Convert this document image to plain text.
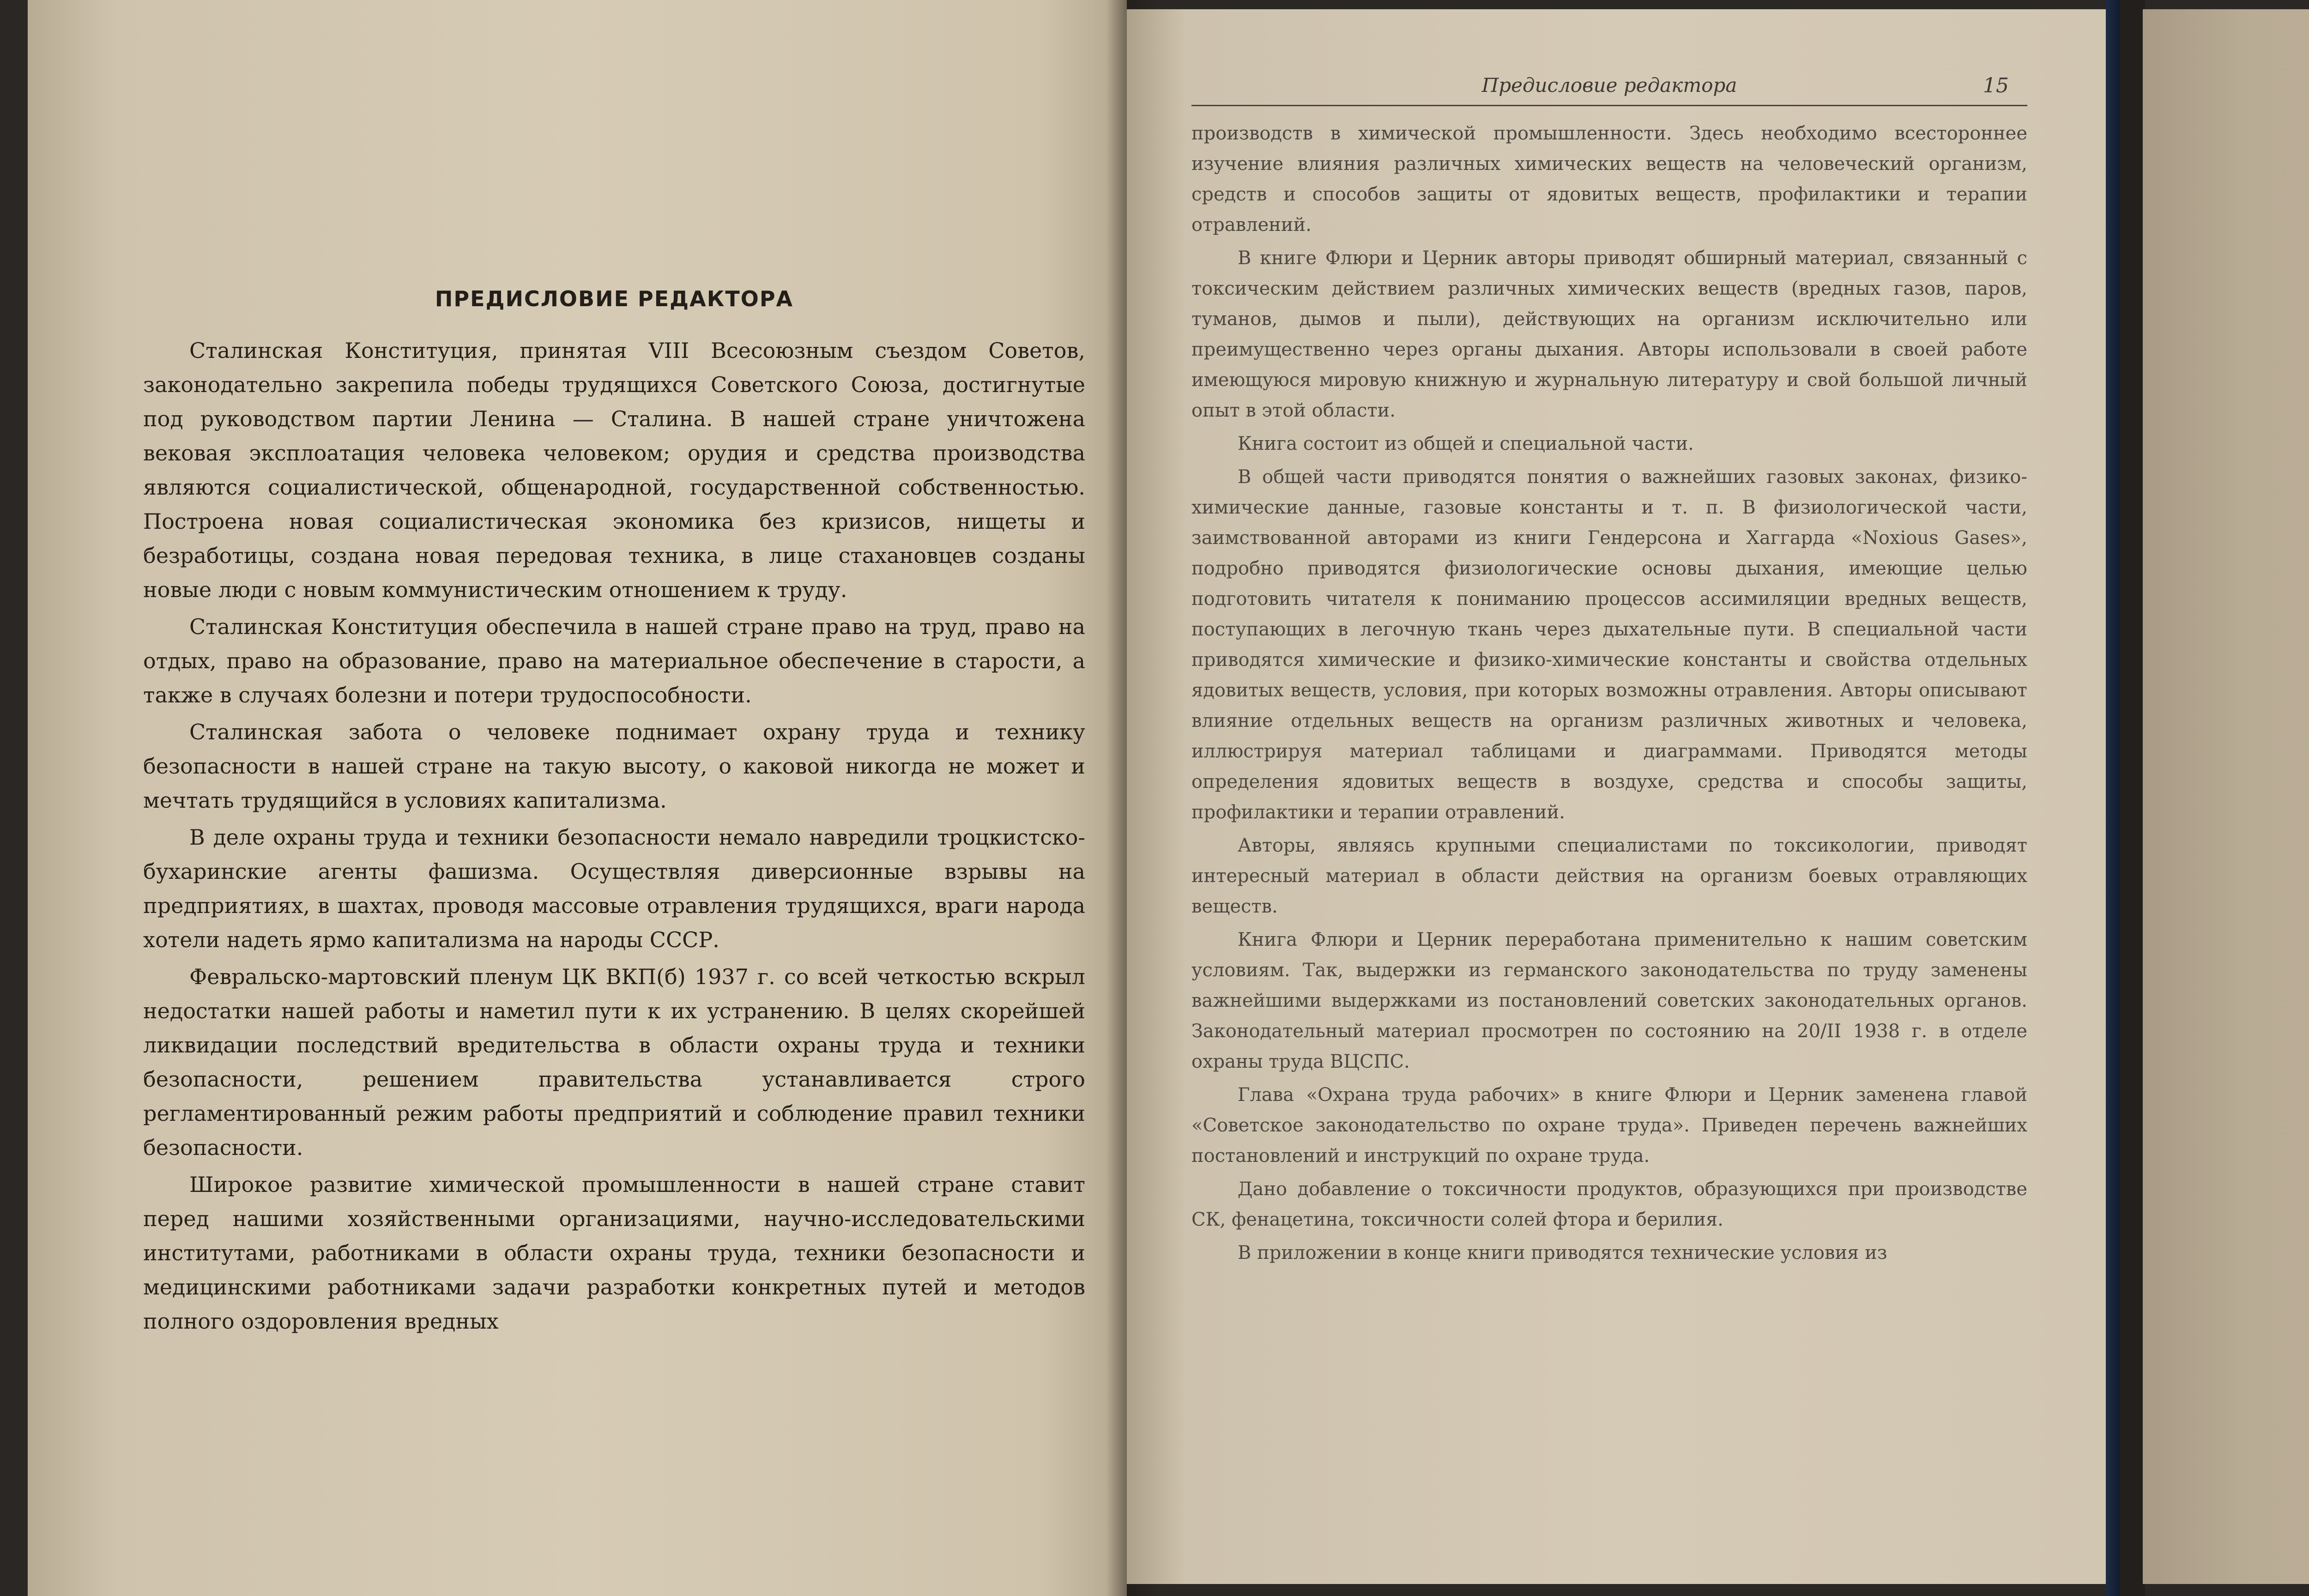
ПРЕДИСЛОВИЕ РЕДАКТОРА

Сталинская Конституция, принятая VIII Всесоюзным съездом Советов, законодательно закрепила победы трудящихся Советского Союза, достигнутые под руководством партии Ленина — Сталина. В нашей стране уничтожена вековая эксплоатация человека человеком; орудия и средства производства являются социалистической, общенародной, государственной собственностью. Построена новая социалистическая экономика без кризисов, нищеты и безработицы, создана новая передовая техника, в лице стахановцев созданы новые люди с новым коммунистическим отношением к труду.

Сталинская Конституция обеспечила в нашей стране право на труд, право на отдых, право на образование, право на материальное обеспечение в старости, а также в случаях болезни и потери трудоспособности.

Сталинская забота о человеке поднимает охрану труда и технику безопасности в нашей стране на такую высоту, о каковой никогда не может и мечтать трудящийся в условиях капитализма.

В деле охраны труда и техники безопасности немало навредили троцкистско-бухаринские агенты фашизма. Осуществляя диверсионные взрывы на предприятиях, в шахтах, проводя массовые отравления трудящихся, враги народа хотели надеть ярмо капитализма на народы СССР.

Февральско-мартовский пленум ЦК ВКП(б) 1937 г. со всей четкостью вскрыл недостатки нашей работы и наметил пути к их устранению. В целях скорейшей ликвидации последствий вредительства в области охраны труда и техники безопасности, решением правительства устанавливается строго регламентированный режим работы предприятий и соблюдение правил техники безопасности.

Широкое развитие химической промышленности в нашей стране ставит перед нашими хозяйственными организациями, научно-исследовательскими институтами, работниками в области охраны труда, техники безопасности и медицинскими работниками задачи разработки конкретных путей и методов полного оздоровления вредных

Предисловие редактора	15

производств в химической промышленности. Здесь необходимо всестороннее изучение влияния различных химических веществ на человеческий организм, средств и способов защиты от ядовитых веществ, профилактики и терапии отравлений.

В книге Флюри и Церник авторы приводят обширный материал, связанный с токсическим действием различных химических веществ (вредных газов, паров, туманов, дымов и пыли), действующих на организм исключительно или преимущественно через органы дыхания. Авторы использовали в своей работе имеющуюся мировую книжную и журнальную литературу и свой большой личный опыт в этой области.

Книга состоит из общей и специальной части.

В общей части приводятся понятия о важнейших газовых законах, физико-химические данные, газовые константы и т. п. В физиологической части, заимствованной авторами из книги Гендерсона и Хаггарда «Noxious Gases», подробно приводятся физиологические основы дыхания, имеющие целью подготовить читателя к пониманию процессов ассимиляции вредных веществ, поступающих в легочную ткань через дыхательные пути. В специальной части приводятся химические и физико-химические константы и свойства отдельных ядовитых веществ, условия, при которых возможны отравления. Авторы описывают влияние отдельных веществ на организм различных животных и человека, иллюстрируя материал таблицами и диаграммами. Приводятся методы определения ядовитых веществ в воздухе, средства и способы защиты, профилактики и терапии отравлений.

Авторы, являясь крупными специалистами по токсикологии, приводят интересный материал в области действия на организм боевых отравляющих веществ.

Книга Флюри и Церник переработана применительно к нашим советским условиям. Так, выдержки из германского законодательства по труду заменены важнейшими выдержками из постановлений советских законодательных органов. Законодательный материал просмотрен по состоянию на 20/II 1938 г. в отделе охраны труда ВЦСПС.

Глава «Охрана труда рабочих» в книге Флюри и Церник заменена главой «Советское законодательство по охране труда». Приведен перечень важнейших постановлений и инструкций по охране труда.

Дано добавление о токсичности продуктов, образующихся при производстве СК, фенацетина, токсичности солей фтора и берилия.

В приложении в конце книги приводятся технические условия из
